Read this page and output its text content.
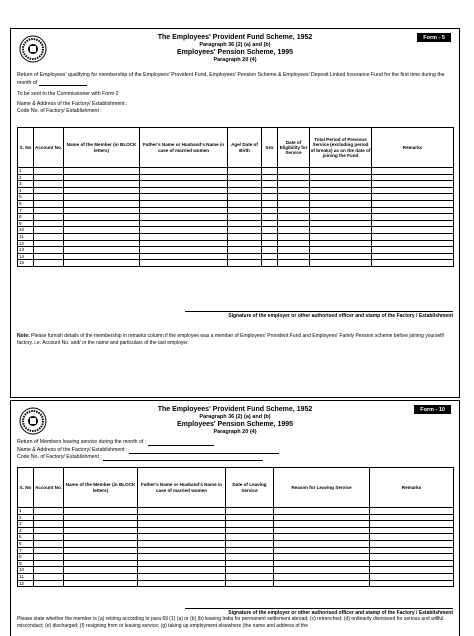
Form - 5
The Employees' Provident Fund Scheme, 1952
Paragraph 36 (2) (a) and (b)
Employees' Pension Scheme, 1995
Paragraph 20 (4)
Return of Employees' qualifying for membership of the Employees' Provident Fund, Employees' Pension Scheme & Employees' Deposit Linked Insurance Fund for the first time during the month of
To be sent to the Commissioner with Form 2
Name & Address of the Factory/ Establishment :
Code No. of Factory/ Establishment :
S. No	Account No.	Name of the Member (in BLOCK letters)	Father's Name or Husband's Name in case of married women	Age/ Date of Birth	Sex	Date of Eligibility for Service	Total Period of Previous Service (excluding period of breaks) as on the date of joining the Fund	Remarks
1								
2								
3								
4								
5								
6								
7								
8								
9								
10								
11								
12								
13								
14								
15								
Signature of the employer or other authorised officer and stamp of the Factory / Establishment
Note: Please furnish details of the membership in remarks column if the employee was a member of Employees' Provident Fund and Employees' Family Pension scheme before joining yourself/ factory. i.e. Account No. and/ or the name and particulars of the last employer.
Form - 10
The Employees' Provident Fund Scheme, 1952
Paragraph 36 (2) (a) and (b)
Employees' Pension Scheme, 1995
Paragraph 20 (4)
Return of Members leaving service during the month of :
Name & Address of the Factory/ Establishment :
Code No. of Factory/ Establishment :
S. No	Account No.	Name of the Member (in BLOCK letters)	Father's Name or Husband's Name in case of married women	Date of Leaving Service	Reason for Leaving Service	Remarks
1						
2						
3						
4						
5						
6						
7						
8						
9						
10						
11						
12						
Signature of the employer or other authorised officer and stamp of the Factory / Establishment
Please state whether the member is (a) retiring according to para 69 (1) (a) or (b) (b) leaving India for permanent settlement abroad; (c) retrenched; (d) ordinarily dismissed for serious and willful misconduct; (e) discharged; (f) resigning from or leaving service; (g) taking up employment elsewhere (the name and address of the
